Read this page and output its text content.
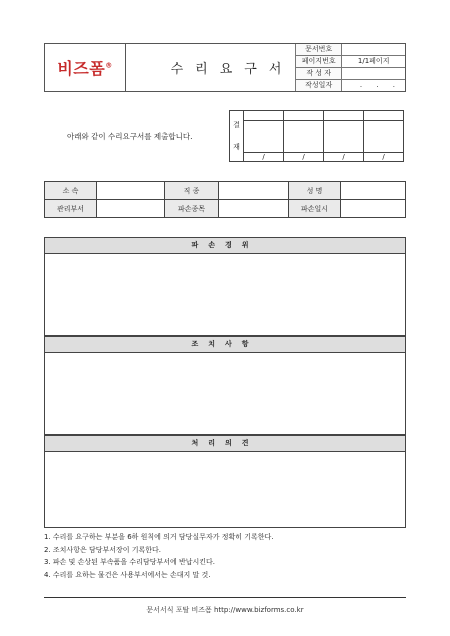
비즈폼®	수리요구서
문서번호	
페이지번호	1/1페이지
작 성 자	
작성일자	. . .
아래와 같이 수리요구서를 제출합니다.
결
재				

	/	/	/	/
소 속		직 종		성 명	
관리부서		파손종목		파손일시	
파손경위
조치사항
처리의견
1. 수리를 요구하는 부분을 6하 원칙에 의거 담당실무자가 정확히 기록한다.
2. 조치사항은 담당부서장이 기록한다.
3. 파손 및 손상된 부속품을 수리담당부서에 반납시킨다.
4. 수리를 요하는 물건은 사용부서에서는 손대지 말 것.
문서서식 포탈 비즈폼 http://www.bizforms.co.kr
